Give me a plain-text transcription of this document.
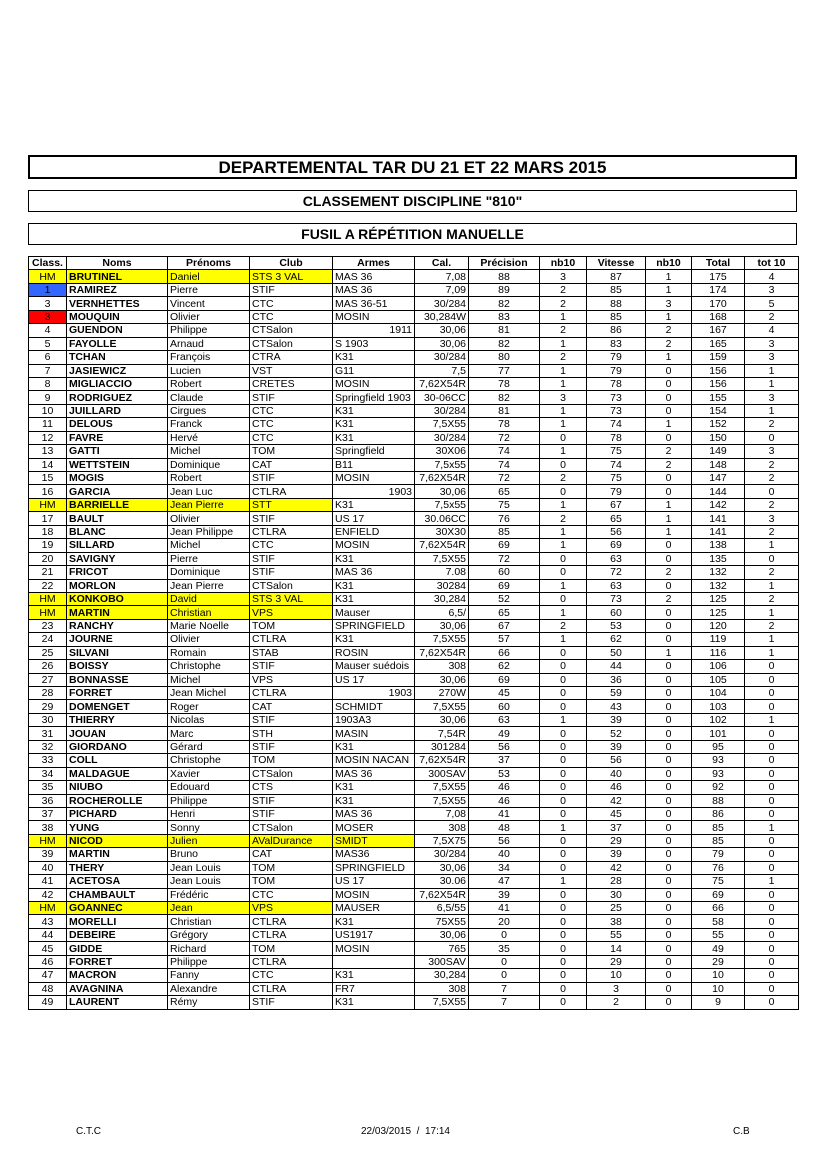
DEPARTEMENTAL TAR DU 21 ET 22 MARS 2015
CLASSEMENT DISCIPLINE "810"
FUSIL A RÉPÉTITION MANUELLE
Class.	Noms	Prénoms	Club	Armes	Cal.	Précision	nb10	Vitesse	nb10	Total	tot 10
HM	BRUTINEL	Daniel	STS 3 VAL	MAS 36	7,08	88	3	87	1	175	4
1	RAMIREZ	Pierre	STIF	MAS 36	7,09	89	2	85	1	174	3
3	VERNHETTES	Vincent	CTC	MAS 36-51	30/284	82	2	88	3	170	5
3	MOUQUIN	Olivier	CTC	MOSIN	30,284W	83	1	85	1	168	2
4	GUENDON	Philippe	CTSalon	1911	30,06	81	2	86	2	167	4
5	FAYOLLE	Arnaud	CTSalon	S 1903	30,06	82	1	83	2	165	3
6	TCHAN	François	CTRA	K31	30/284	80	2	79	1	159	3
7	JASIEWICZ	Lucien	VST	G11	7,5	77	1	79	0	156	1
8	MIGLIACCIO	Robert	CRETES	MOSIN	7,62X54R	78	1	78	0	156	1
9	RODRIGUEZ	Claude	STIF	Springfield 1903	30-06CC	82	3	73	0	155	3
10	JUILLARD	Cirgues	CTC	K31	30/284	81	1	73	0	154	1
11	DELOUS	Franck	CTC	K31	7,5X55	78	1	74	1	152	2
12	FAVRE	Hervé	CTC	K31	30/284	72	0	78	0	150	0
13	GATTI	Michel	TOM	Springfield	30X06	74	1	75	2	149	3
14	WETTSTEIN	Dominique	CAT	B11	7,5x55	74	0	74	2	148	2
15	MOGIS	Robert	STIF	MOSIN	7,62X54R	72	2	75	0	147	2
16	GARCIA	Jean Luc	CTLRA	1903	30,06	65	0	79	0	144	0
HM	BARRIELLE	Jean Pierre	STT	K31	7,5x55	75	1	67	1	142	2
17	BAULT	Olivier	STIF	US 17	30.06CC	76	2	65	1	141	3
18	BLANC	Jean Philippe	CTLRA	ENFIELD	30X30	85	1	56	1	141	2
19	SILLARD	Michel	CTC	MOSIN	7,62X54R	69	1	69	0	138	1
20	SAVIGNY	Pierre	STIF	K31	7,5X55	72	0	63	0	135	0
21	FRICOT	Dominique	STIF	MAS 36	7.08	60	0	72	2	132	2
22	MORLON	Jean Pierre	CTSalon	K31	30284	69	1	63	0	132	1
HM	KONKOBO	David	STS 3 VAL	K31	30,284	52	0	73	2	125	2
HM	MARTIN	Christian	VPS	Mauser	6,5/	65	1	60	0	125	1
23	RANCHY	Marie Noelle	TOM	SPRINGFIELD	30,06	67	2	53	0	120	2
24	JOURNE	Olivier	CTLRA	K31	7,5X55	57	1	62	0	119	1
25	SILVANI	Romain	STAB	ROSIN	7,62X54R	66	0	50	1	116	1
26	BOISSY	Christophe	STIF	Mauser suédois	308	62	0	44	0	106	0
27	BONNASSE	Michel	VPS	US 17	30,06	69	0	36	0	105	0
28	FORRET	Jean Michel	CTLRA	1903	270W	45	0	59	0	104	0
29	DOMENGET	Roger	CAT	SCHMIDT	7,5X55	60	0	43	0	103	0
30	THIERRY	Nicolas	STIF	1903A3	30,06	63	1	39	0	102	1
31	JOUAN	Marc	STH	MASIN	7,54R	49	0	52	0	101	0
32	GIORDANO	Gérard	STIF	K31	301284	56	0	39	0	95	0
33	COLL	Christophe	TOM	MOSIN NACAN	7,62X54R	37	0	56	0	93	0
34	MALDAGUE	Xavier	CTSalon	MAS 36	300SAV	53	0	40	0	93	0
35	NIUBO	Edouard	CTS	K31	7,5X55	46	0	46	0	92	0
36	ROCHEROLLE	Philippe	STIF	K31	7,5X55	46	0	42	0	88	0
37	PICHARD	Henri	STIF	MAS 36	7,08	41	0	45	0	86	0
38	YUNG	Sonny	CTSalon	MOSER	308	48	1	37	0	85	1
HM	NICOD	Julien	AValDurance	SMIDT	7,5X75	56	0	29	0	85	0
39	MARTIN	Bruno	CAT	MAS36	30/284	40	0	39	0	79	0
40	THERY	Jean Louis	TOM	SPRINGFIELD	30,06	34	0	42	0	76	0
41	ACETOSA	Jean Louis	TOM	US 17	30.06	47	1	28	0	75	1
42	CHAMBAULT	Frédéric	CTC	MOSIN	7,62X54R	39	0	30	0	69	0
HM	GOANNEC	Jean	VPS	MAUSER	6,5/55	41	0	25	0	66	0
43	MORELLI	Christian	CTLRA	K31	75X55	20	0	38	0	58	0
44	DEBEIRE	Grégory	CTLRA	US1917	30,06	0	0	55	0	55	0
45	GIDDE	Richard	TOM	MOSIN	765	35	0	14	0	49	0
46	FORRET	Philippe	CTLRA		300SAV	0	0	29	0	29	0
47	MACRON	Fanny	CTC	K31	30,284	0	0	10	0	10	0
48	AVAGNINA	Alexandre	CTLRA	FR7	308	7	0	3	0	10	0
49	LAURENT	Rémy	STIF	K31	7,5X55	7	0	2	0	9	0
C.T.C	22/03/2015  /  17:14	C.B
